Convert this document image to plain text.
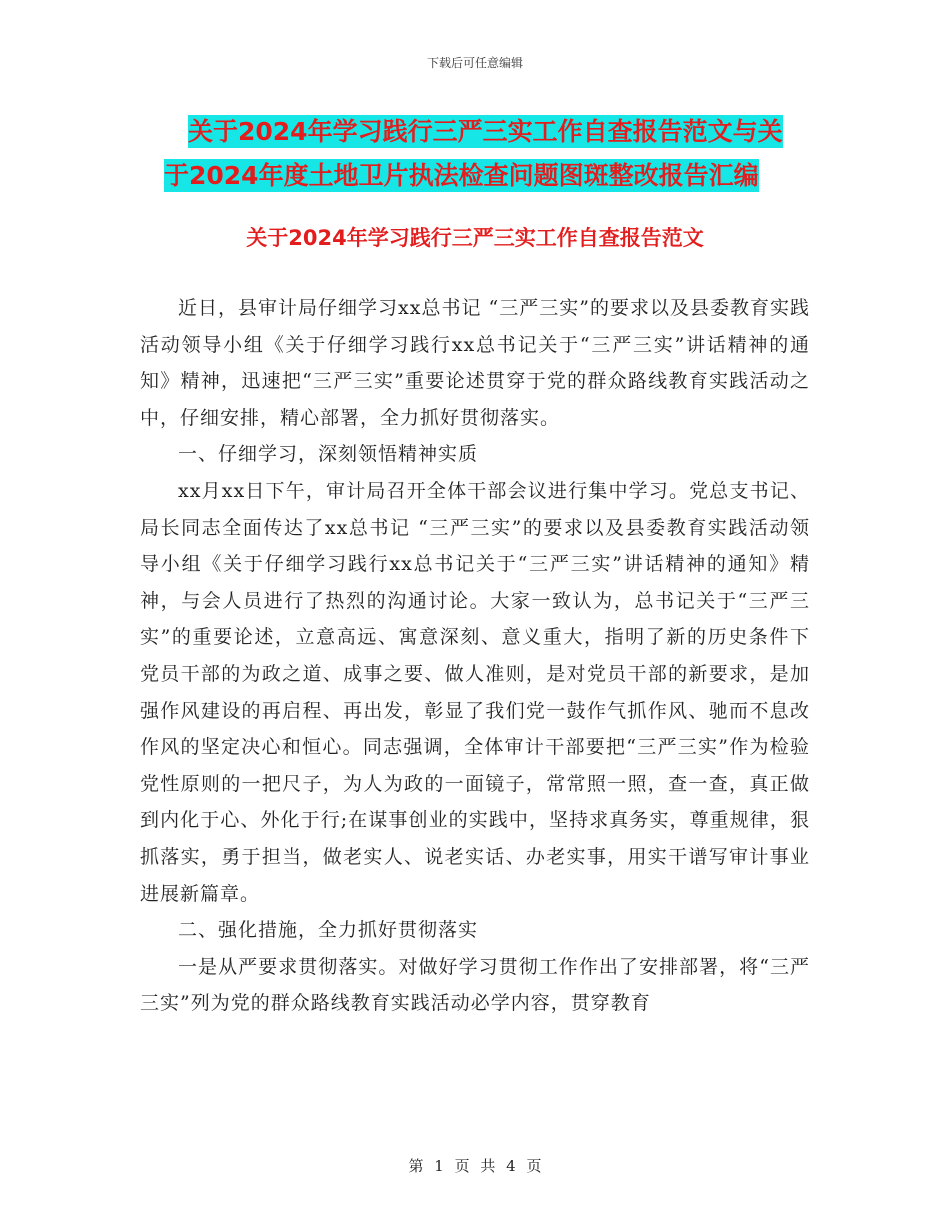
下载后可任意编辑
关于2024年学习践行三严三实工作自查报告范文与关
于2024年度土地卫片执法检查问题图斑整改报告汇编
关于2024年学习践行三严三实工作自查报告范文

近日，县审计局仔细学习xx总书记 “三严三实”的要求以及县委教育实践活动领导小组《关于仔细学习践行xx总书记关于“三严三实”讲话精神的通知》精神，迅速把“三严三实”重要论述贯穿于党的群众路线教育实践活动之中，仔细安排，精心部署，全力抓好贯彻落实。

一、仔细学习，深刻领悟精神实质

xx月xx日下午，审计局召开全体干部会议进行集中学习。党总支书记、局长同志全面传达了xx总书记 “三严三实”的要求以及县委教育实践活动领导小组《关于仔细学习践行xx总书记关于“三严三实”讲话精神的通知》精神，与会人员进行了热烈的沟通讨论。大家一致认为，总书记关于“三严三实”的重要论述，立意高远、寓意深刻、意义重大，指明了新的历史条件下党员干部的为政之道、成事之要、做人准则，是对党员干部的新要求，是加强作风建设的再启程、再出发，彰显了我们党一鼓作气抓作风、驰而不息改作风的坚定决心和恒心。同志强调，全体审计干部要把“三严三实”作为检验党性原则的一把尺子，为人为政的一面镜子，常常照一照，查一查，真正做到内化于心、外化于行;在谋事创业的实践中，坚持求真务实，尊重规律，狠抓落实，勇于担当，做老实人、说老实话、办老实事，用实干谱写审计事业进展新篇章。

二、强化措施，全力抓好贯彻落实

一是从严要求贯彻落实。对做好学习贯彻工作作出了安排部署，将“三严三实”列为党的群众路线教育实践活动必学内容，贯穿教育

第 1 页 共 4 页
